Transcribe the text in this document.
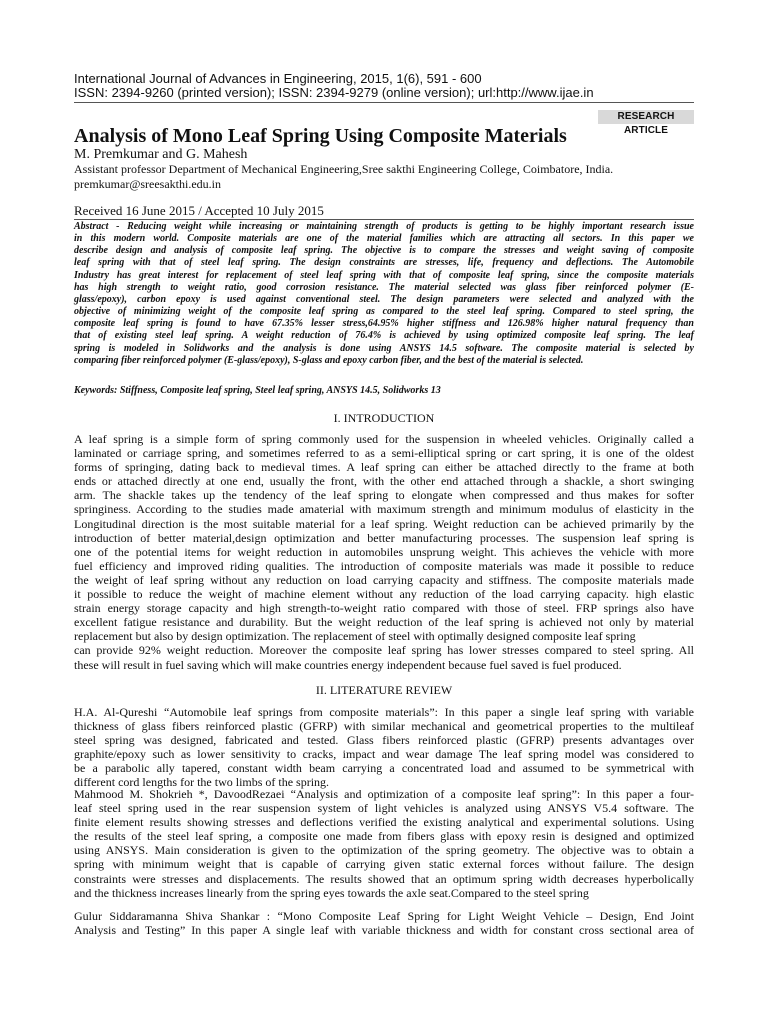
International Journal of Advances in Engineering, 2015, 1(6), 591 - 600
ISSN: 2394-9260 (printed version); ISSN: 2394-9279 (online version); url:http://www.ijae.in
RESEARCH ARTICLE
Analysis of Mono Leaf Spring Using Composite Materials
M. Premkumar and G. Mahesh
Assistant professor Department of Mechanical Engineering,Sree sakthi Engineering College, Coimbatore, India.
premkumar@sreesakthi.edu.in
Received 16 June 2015 / Accepted 10 July 2015
Abstract - Reducing weight while increasing or maintaining strength of products is getting to be highly important research issue
in this modern world. Composite materials are one of the material families which are attracting all sectors. In this paper we
describe design and analysis of composite leaf spring. The objective is to compare the stresses and weight saving of composite
leaf spring with that of steel leaf spring. The design constraints are stresses, life, frequency and deflections. The Automobile
Industry has great interest for replacement of steel leaf spring with that of composite leaf spring, since the composite materials
has high strength to weight ratio, good corrosion resistance. The material selected was glass fiber reinforced polymer (E-
glass/epoxy), carbon epoxy is used against conventional steel. The design parameters were selected and analyzed with the
objective of minimizing weight of the composite leaf spring as compared to the steel leaf spring. Compared to steel spring, the
composite leaf spring is found to have 67.35% lesser stress,64.95% higher stiffness and 126.98% higher natural frequency than
that of existing steel leaf spring. A weight reduction of 76.4% is achieved by using optimized composite leaf spring. The leaf
spring is modeled in Solidworks and the analysis is done using ANSYS 14.5 software. The composite material is selected by
comparing fiber reinforced polymer (E-glass/epoxy), S-glass and epoxy carbon fiber, and the best of the material is selected.
Keywords: Stiffness, Composite leaf spring, Steel leaf spring, ANSYS 14.5, Solidworks 13
I. INTRODUCTION
A leaf spring is a simple form of spring commonly used for the suspension in wheeled vehicles. Originally called a
laminated or carriage spring, and sometimes referred to as a semi-elliptical spring or cart spring, it is one of the oldest
forms of springing, dating back to medieval times. A leaf spring can either be attached directly to the frame at both
ends or attached directly at one end, usually the front, with the other end attached through a shackle, a short swinging
arm. The shackle takes up the tendency of the leaf spring to elongate when compressed and thus makes for softer
springiness. According to the studies made amaterial with maximum strength and minimum modulus of elasticity in the
Longitudinal direction is the most suitable material for a leaf spring. Weight reduction can be achieved primarily by the
introduction of better material,design optimization and better manufacturing processes. The suspension leaf spring is
one of the potential items for weight reduction in automobiles unsprung weight. This achieves the vehicle with more
fuel efficiency and improved riding qualities. The introduction of composite materials was made it possible to reduce
the weight of leaf spring without any reduction on load carrying capacity and stiffness. The composite materials made
it possible to reduce the weight of machine element without any reduction of the load carrying capacity. high elastic
strain energy storage capacity and high strength-to-weight ratio compared with those of steel. FRP springs also have
excellent fatigue resistance and durability. But the weight reduction of the leaf spring is achieved not only by material
replacement but also by design optimization. The replacement of steel with optimally designed composite leaf spring
can provide 92% weight reduction. Moreover the composite leaf spring has lower stresses compared to steel spring. All
these will result in fuel saving which will make countries energy independent because fuel saved is fuel produced.
II. LITERATURE REVIEW
H.A. Al-Qureshi “Automobile leaf springs from composite materials”: In this paper a single leaf spring with variable
thickness of glass fibers reinforced plastic (GFRP) with similar mechanical and geometrical properties to the multileaf
steel spring was designed, fabricated and tested. Glass fibers reinforced plastic (GFRP) presents advantages over
graphite/epoxy such as lower sensitivity to cracks, impact and wear damage The leaf spring model was considered to
be a parabolic ally tapered, constant width beam carrying a concentrated load and assumed to be symmetrical with
different cord lengths for the two limbs of the spring.
Mahmood M. Shokrieh *, DavoodRezaei “Analysis and optimization of a composite leaf spring”: In this paper a four-
leaf steel spring used in the rear suspension system of light vehicles is analyzed using ANSYS V5.4 software. The
finite element results showing stresses and deflections verified the existing analytical and experimental solutions. Using
the results of the steel leaf spring, a composite one made from fibers glass with epoxy resin is designed and optimized
using ANSYS. Main consideration is given to the optimization of the spring geometry. The objective was to obtain a
spring with minimum weight that is capable of carrying given static external forces without failure. The design
constraints were stresses and displacements. The results showed that an optimum spring width decreases hyperbolically
and the thickness increases linearly from the spring eyes towards the axle seat.Compared to the steel spring
Gulur Siddaramanna Shiva Shankar : “Mono Composite Leaf Spring for Light Weight Vehicle – Design, End Joint
Analysis and Testing” In this paper A single leaf with variable thickness and width for constant cross sectional area of
